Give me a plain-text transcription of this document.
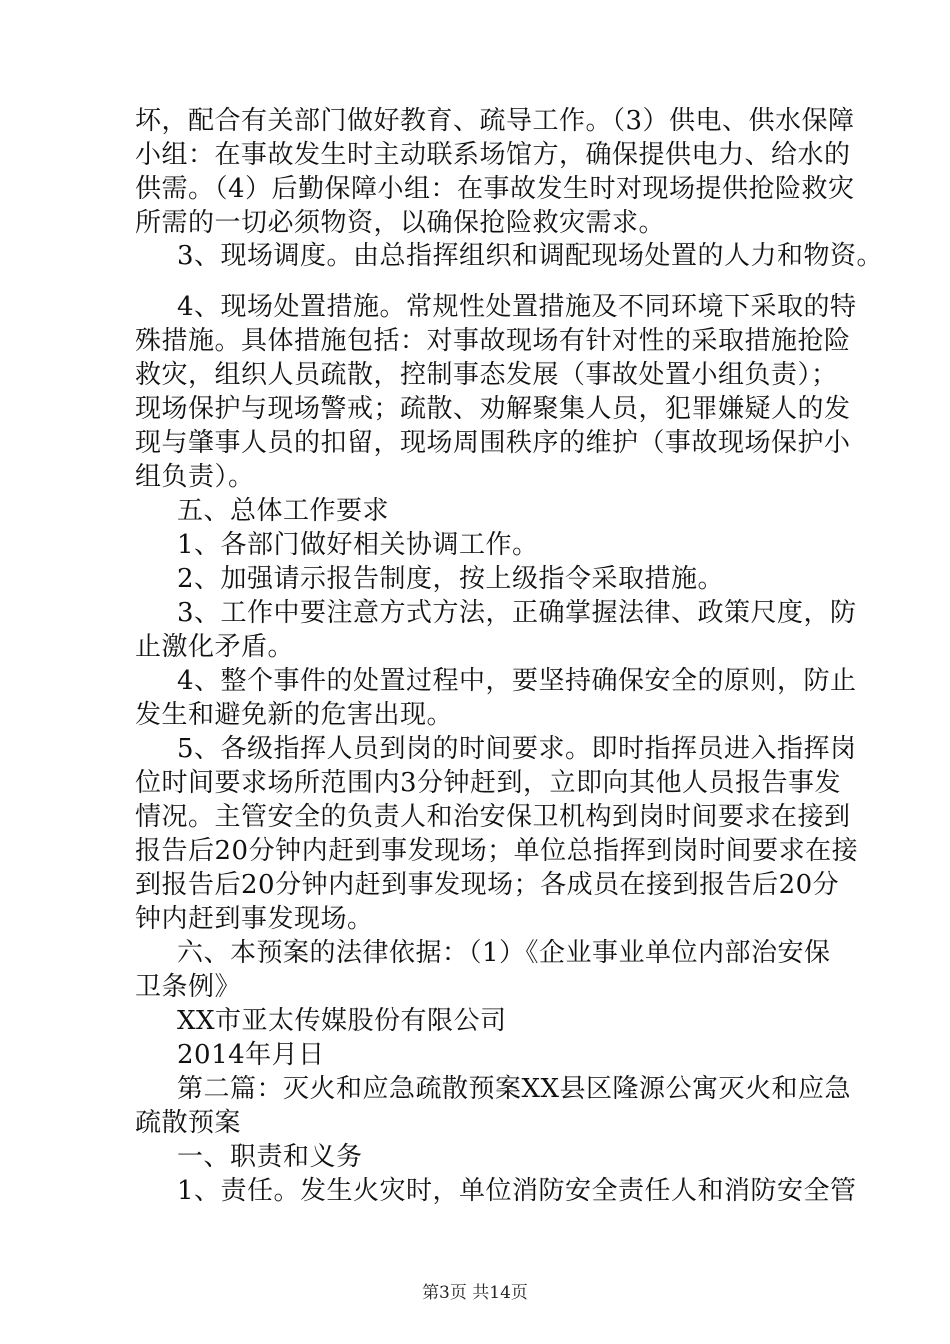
坏，配合有关部门做好教育、疏导工作。（3）供电、供水保障
小组：在事故发生时主动联系场馆方，确保提供电力、给水的
供需。（4）后勤保障小组：在事故发生时对现场提供抢险救灾
所需的一切必须物资，以确保抢险救灾需求。
3、现场调度。由总指挥组织和调配现场处置的人力和物资。
4、现场处置措施。常规性处置措施及不同环境下采取的特
殊措施。具体措施包括：对事故现场有针对性的采取措施抢险
救灾，组织人员疏散，控制事态发展（事故处置小组负责）；
现场保护与现场警戒；疏散、劝解聚集人员，犯罪嫌疑人的发
现与肇事人员的扣留，现场周围秩序的维护（事故现场保护小
组负责）。
五、总体工作要求
1、各部门做好相关协调工作。
2、加强请示报告制度，按上级指令采取措施。
3、工作中要注意方式方法，正确掌握法律、政策尺度，防
止激化矛盾。
4、整个事件的处置过程中，要坚持确保安全的原则，防止
发生和避免新的危害出现。
5、各级指挥人员到岗的时间要求。即时指挥员进入指挥岗
位时间要求场所范围内3分钟赶到，立即向其他人员报告事发
情况。主管安全的负责人和治安保卫机构到岗时间要求在接到
报告后20分钟内赶到事发现场；单位总指挥到岗时间要求在接
到报告后20分钟内赶到事发现场；各成员在接到报告后20分
钟内赶到事发现场。
六、本预案的法律依据：（1）《企业事业单位内部治安保
卫条例》
XX市亚太传媒股份有限公司
2014年月日
第二篇：灭火和应急疏散预案XX县区隆源公寓灭火和应急
疏散预案
一、职责和义务
1、责任。发生火灾时，单位消防安全责任人和消防安全管
第3页 共14页
